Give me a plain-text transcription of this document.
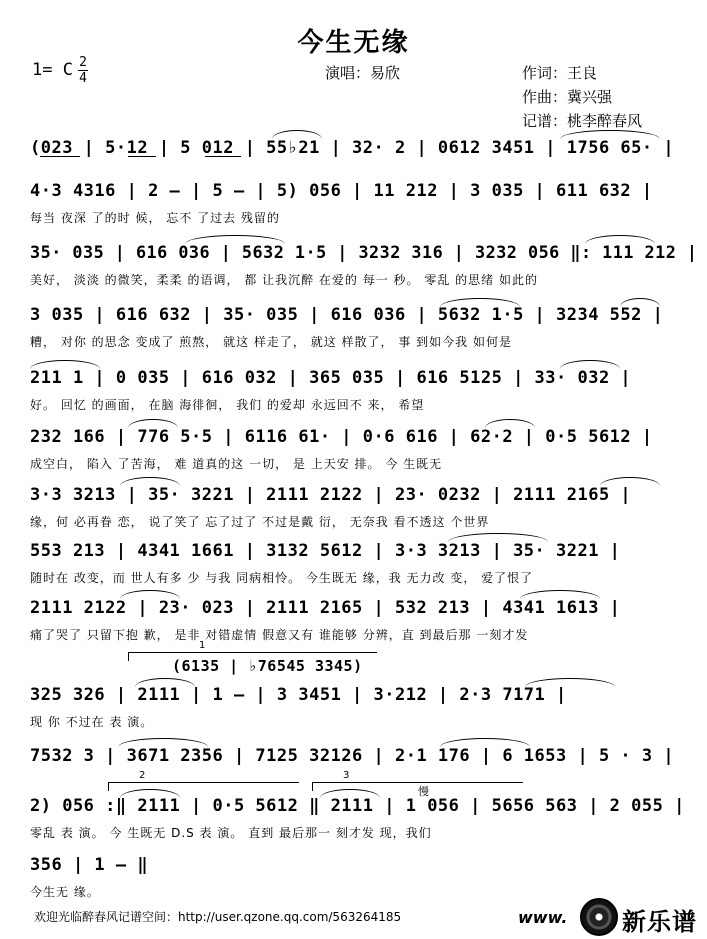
今生无缘
1= C 2
4	演唱：易欣	作词：王良
作曲：冀兴强
记谱：桃李醉春风
(023 | 5·12 | 5 012 | 55♭21 | 32· 2 | 0612 3451 | 1756 65· |
4·3 4316 | 2 – | 5 – | 5) 056 | 11 212 | 3 035 | 611 632 |
每当 夜深 了的时 候， 忘不 了过去 残留的
35· 035 | 616 036 | 5632 1·5 | 3232 316 | 3232 056 ‖: 111 212 |
美好， 淡淡 的微笑，柔柔 的语调， 都 让我沉醉 在爱的 每一 秒。 零乱 的思绪 如此的
3 035 | 616 632 | 35· 035 | 616 036 | 5632 1·5 | 3234 552 |
糟， 对你 的思念 变成了 煎熬， 就这 样走了， 就这 样散了， 事 到如今我 如何是
211 1 | 0 035 | 616 032 | 365 035 | 616 5125 | 33· 032 |
好。 回忆 的画面， 在脑 海徘徊， 我们 的爱却 永远回不 来， 希望
232 166 | 776 5·5 | 6116 61· | 0·6 616 | 62·2 | 0·5 5612 |
成空白， 陷入 了苦海， 难 道真的这 一切， 是 上天安 排。 今 生既无
3·3 3213 | 35· 3221 | 2111 2122 | 23· 0232 | 2111 2165 |
缘，何 必再眷 恋， 说了笑了 忘了过了 不过是戴 衍， 无奈我 看不透这 个世界
553 213 | 4341 1661 | 3132 5612 | 3·3 3213 | 35· 3221 |
随时在 改变，而 世人有多 少 与我 同病相怜。 今生既无 缘，我 无力改 变， 爱了恨了
2111 2122 | 23· 023 | 2111 2165 | 532 213 | 4341 1613 |
痛了哭了 只留下抱 歉， 是非 对错虚情 假意又有 谁能够 分辨，直 到最后那 一刻才发
1
(6135 | ♭76545 3345)
325 326 | 2111 | 1 – | 3 3451 | 3·212 | 2·3 7171 |
现 你 不过在 表 演。
7532 3 | 3671 2356 | 7125 32126 | 2·1 176 | 6 1653 | 5 · 3 |
2	3
慢
2) 056 :‖ 2111 | 0·5 5612 ‖ 2111 | 1 056 | 5656 563 | 2 055 |
零乱 表 演。 今 生既无 D.S 表 演。 直到 最后那一 刻才发 现，我们
356 | 1 – ‖
今生无 缘。
欢迎光临醉春风记谱空间：http://user.qzone.qq.com/563264185	www. 新乐谱
